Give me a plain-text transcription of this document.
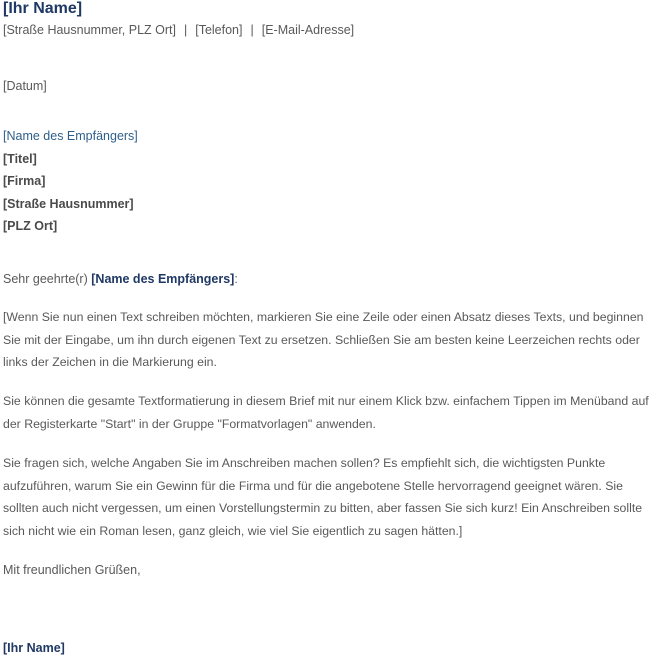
[Ihr Name]
[Straße Hausnummer, PLZ Ort] | [Telefon] | [E-Mail-Adresse]
[Datum]
[Name des Empfängers]
[Titel]
[Firma]
[Straße Hausnummer]
[PLZ Ort]
Sehr geehrte(r) [Name des Empfängers]:
[Wenn Sie nun einen Text schreiben möchten, markieren Sie eine Zeile oder einen Absatz dieses Texts, und beginnen Sie mit der Eingabe, um ihn durch eigenen Text zu ersetzen. Schließen Sie am besten keine Leerzeichen rechts oder links der Zeichen in die Markierung ein.
Sie können die gesamte Textformatierung in diesem Brief mit nur einem Klick bzw. einfachem Tippen im Menüband auf der Registerkarte "Start" in der Gruppe "Formatvorlagen" anwenden.
Sie fragen sich, welche Angaben Sie im Anschreiben machen sollen? Es empfiehlt sich, die wichtigsten Punkte aufzuführen, warum Sie ein Gewinn für die Firma und für die angebotene Stelle hervorragend geeignet wären. Sie sollten auch nicht vergessen, um einen Vorstellungstermin zu bitten, aber fassen Sie sich kurz! Ein Anschreiben sollte sich nicht wie ein Roman lesen, ganz gleich, wie viel Sie eigentlich zu sagen hätten.]
Mit freundlichen Grüßen,
[Ihr Name]
